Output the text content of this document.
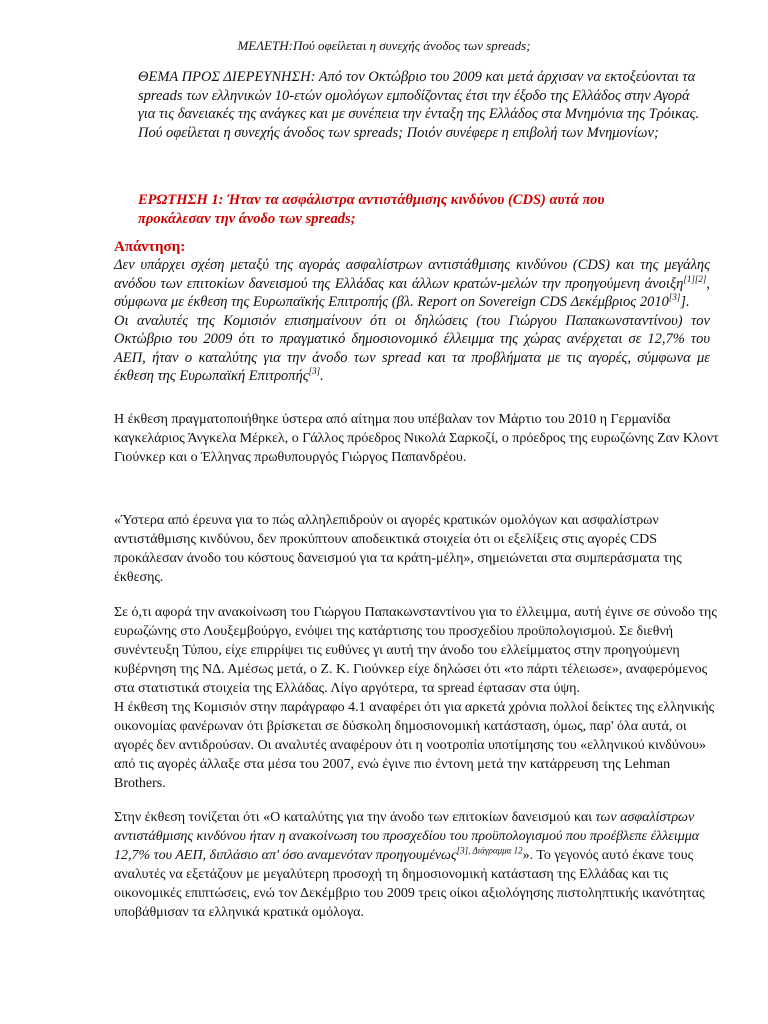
ΜΕΛΕΤΗ:Πού οφείλεται η συνεχής άνοδος των spreads;
ΘΕΜΑ ΠΡΟΣ ΔΙΕΡΕΥΝΗΣΗ: Από τον Οκτώβριο του 2009 και μετά άρχισαν να εκτοξεύονται τα spreads των ελληνικών 10-ετών ομολόγων εμποδίζοντας έτσι την έξοδο της Ελλάδος στην Αγορά για τις δανειακές της ανάγκες και με συνέπεια την ένταξη της Ελλάδος στα Μνημόνια της Τρόικας. Πού οφείλεται η συνεχής άνοδος των spreads; Ποιόν συνέφερε η επιβολή των Μνημονίων;
ΕΡΩΤΗΣΗ 1: Ήταν τα ασφάλιστρα αντιστάθμισης κινδύνου (CDS) αυτά που προκάλεσαν την άνοδο των spreads;
Απάντηση:

Δεν υπάρχει σχέση μεταξύ της αγοράς ασφαλίστρων αντιστάθμισης κινδύνου (CDS) και της μεγάλης ανόδου των επιτοκίων δανεισμού της Ελλάδας και άλλων κρατών-μελών την προηγούμενη άνοιξη[1][2], σύμφωνα με έκθεση της Ευρωπαϊκής Επιτροπής (βλ. Report on Sovereign CDS Δεκέμβριος 2010[3]].

Οι αναλυτές της Κομισιόν επισημαίνουν ότι οι δηλώσεις (του Γιώργου Παπακωνσταντίνου) τον Οκτώβριο του 2009 ότι το πραγματικό δημοσιονομικό έλλειμμα της χώρας ανέρχεται σε 12,7% του ΑΕΠ, ήταν ο καταλύτης για την άνοδο των spread και τα προβλήματα με τις αγορές, σύμφωνα με έκθεση της Ευρωπαϊκή Επιτροπής[3].

Η έκθεση πραγματοποιήθηκε ύστερα από αίτημα που υπέβαλαν τον Μάρτιο του 2010 η Γερμανίδα καγκελάριος Άνγκελα Μέρκελ, ο Γάλλος πρόεδρος Νικολά Σαρκοζί, ο πρόεδρος της ευρωζώνης Ζαν Κλοντ Γιούνκερ και ο Έλληνας πρωθυπουργός Γιώργος Παπανδρέου.

«Ύστερα από έρευνα για το πώς αλληλεπιδρούν οι αγορές κρατικών ομολόγων και ασφαλίστρων αντιστάθμισης κινδύνου, δεν προκύπτουν αποδεικτικά στοιχεία ότι οι εξελίξεις στις αγορές CDS προκάλεσαν άνοδο του κόστους δανεισμού για τα κράτη-μέλη», σημειώνεται στα συμπεράσματα της έκθεσης.

Σε ό,τι αφορά την ανακοίνωση του Γιώργου Παπακωνσταντίνου για το έλλειμμα, αυτή έγινε σε σύνοδο της ευρωζώνης στο Λουξεμβούργο, ενόψει της κατάρτισης του προσχεδίου προϋπολογισμού. Σε διεθνή συνέντευξη Τύπου, είχε επιρρίψει τις ευθύνες γι αυτή την άνοδο του ελλείμματος στην προηγούμενη κυβέρνηση της ΝΔ. Αμέσως μετά, ο Ζ. Κ. Γιούνκερ είχε δηλώσει ότι «το πάρτι τέλειωσε», αναφερόμενος στα στατιστικά στοιχεία της Ελλάδας. Λίγο αργότερα, τα spread έφτασαν στα ύψη.

Η έκθεση της Κομισιόν στην παράγραφο 4.1 αναφέρει ότι για αρκετά χρόνια πολλοί δείκτες της ελληνικής οικονομίας φανέρωναν ότι βρίσκεται σε δύσκολη δημοσιονομική κατάσταση, όμως, παρ' όλα αυτά, οι αγορές δεν αντιδρούσαν. Οι αναλυτές αναφέρουν ότι η νοοτροπία υποτίμησης του «ελληνικού κινδύνου» από τις αγορές άλλαξε στα μέσα του 2007, ενώ έγινε πιο έντονη μετά την κατάρρευση της Lehman Brothers.

Στην έκθεση τονίζεται ότι «Ο καταλύτης για την άνοδο των επιτοκίων δανεισμού και των ασφαλίστρων αντιστάθμισης κινδύνου ήταν η ανακοίνωση του προσχεδίου του προϋπολογισμού που προέβλεπε έλλειμμα 12,7% του ΑΕΠ, διπλάσιο απ' όσο αναμενόταν προηγουμένως$^{[3], \Delta\iota ά\gamma\rho\alpha\mu\mu\alpha 12}$». Το γεγονός αυτό έκανε τους αναλυτές να εξετάζουν με μεγαλύτερη προσοχή τη δημοσιονομική κατάσταση της Ελλάδας και τις οικονομικές επιπτώσεις, ενώ τον Δεκέμβριο του 2009 τρεις οίκοι αξιολόγησης πιστοληπτικής ικανότητας υποβάθμισαν τα ελληνικά κρατικά ομόλογα.
